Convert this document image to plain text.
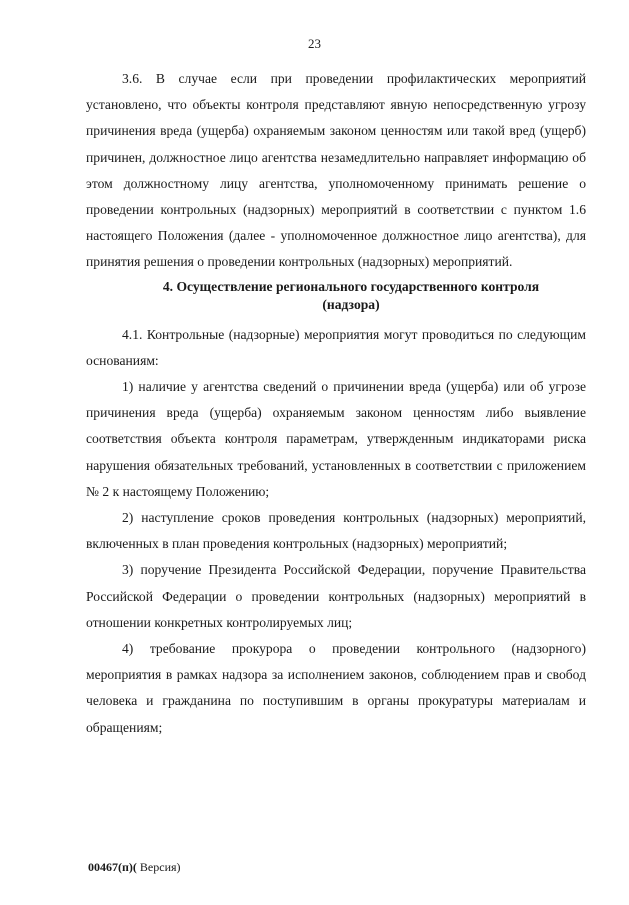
23

3.6. В случае если при проведении профилактических мероприятий установлено, что объекты контроля представляют явную непосредственную угрозу причинения вреда (ущерба) охраняемым законом ценностям или такой вред (ущерб) причинен, должностное лицо агентства незамедлительно направляет информацию об этом должностному лицу агентства, уполномоченному принимать решение о проведении контрольных (надзорных) мероприятий в соответствии с пунктом 1.6 настоящего Положения (далее - уполномоченное должностное лицо агентства), для принятия решения о проведении контрольных (надзорных) мероприятий.

4. Осуществление регионального государственного контроля
(надзора)

4.1. Контрольные (надзорные) мероприятия могут проводиться по следующим основаниям:

1) наличие у агентства сведений о причинении вреда (ущерба) или об угрозе причинения вреда (ущерба) охраняемым законом ценностям либо выявление соответствия объекта контроля параметрам, утвержденным индикаторами риска нарушения обязательных требований, установленных в соответствии с приложением № 2 к настоящему Положению;

2) наступление сроков проведения контрольных (надзорных) мероприятий, включенных в план проведения контрольных (надзорных) мероприятий;

3) поручение Президента Российской Федерации, поручение Правительства Российской Федерации о проведении контрольных (надзорных) мероприятий в отношении конкретных контролируемых лиц;

4) требование прокурора о проведении контрольного (надзорного) мероприятия в рамках надзора за исполнением законов, соблюдением прав и свобод человека и гражданина по поступившим в органы прокуратуры материалам и обращениям;

00467(п)( Версия)
